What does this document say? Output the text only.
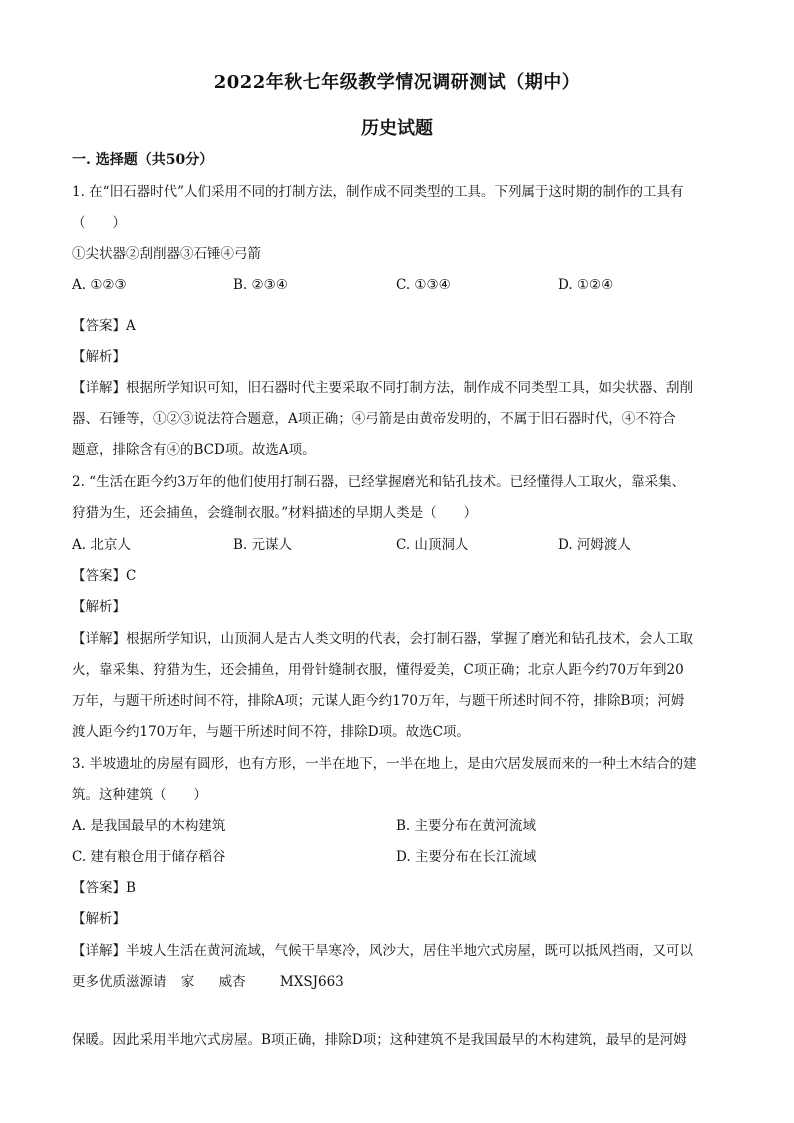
2022年秋七年级教学情况调研测试（期中）
历史试题
一. 选择题（共50分）
1. 在“旧石器时代”人们采用不同的打制方法，制作成不同类型的工具。下列属于这时期的制作的工具有
（　　）
①尖状器②刮削器③石锤④弓箭
A. ①②③	B. ②③④	C. ①③④	D. ①②④
【答案】A
【解析】
【详解】根据所学知识可知，旧石器时代主要采取不同打制方法，制作成不同类型工具，如尖状器、刮削
器、石锤等，①②③说法符合题意，A项正确；④弓箭是由黄帝发明的，不属于旧石器时代，④不符合
题意，排除含有④的BCD项。故选A项。
2. “生活在距今约3万年的他们使用打制石器，已经掌握磨光和钻孔技术。已经懂得人工取火，靠采集、
狩猎为生，还会捕鱼，会缝制衣服。”材料描述的早期人类是（　　）
A. 北京人	B. 元谋人	C. 山顶洞人	D. 河姆渡人
【答案】C
【解析】
【详解】根据所学知识，山顶洞人是古人类文明的代表，会打制石器，掌握了磨光和钻孔技术，会人工取
火，靠采集、狩猎为生，还会捕鱼，用骨针缝制衣服，懂得爱美，C项正确；北京人距今约70万年到20
万年，与题干所述时间不符，排除A项；元谋人距今约170万年，与题干所述时间不符，排除B项；河姆
渡人距今约170万年，与题干所述时间不符，排除D项。故选C项。
3. 半坡遗址的房屋有圆形，也有方形，一半在地下，一半在地上，是由穴居发展而来的一种土木结合的建
筑。这种建筑（　　）
A. 是我国最早的木构建筑	B. 主要分布在黄河流域
C. 建有粮仓用于储存稻谷	D. 主要分布在长江流域
【答案】B
【解析】
【详解】半坡人生活在黄河流域，气候干旱寒冷，风沙大，居住半地穴式房屋，既可以抵风挡雨，又可以
更多优质滋源请 家 威杏	MXSJ663
保暖。因此采用半地穴式房屋。B项正确，排除D项；这种建筑不是我国最早的木构建筑，最早的是河姆
